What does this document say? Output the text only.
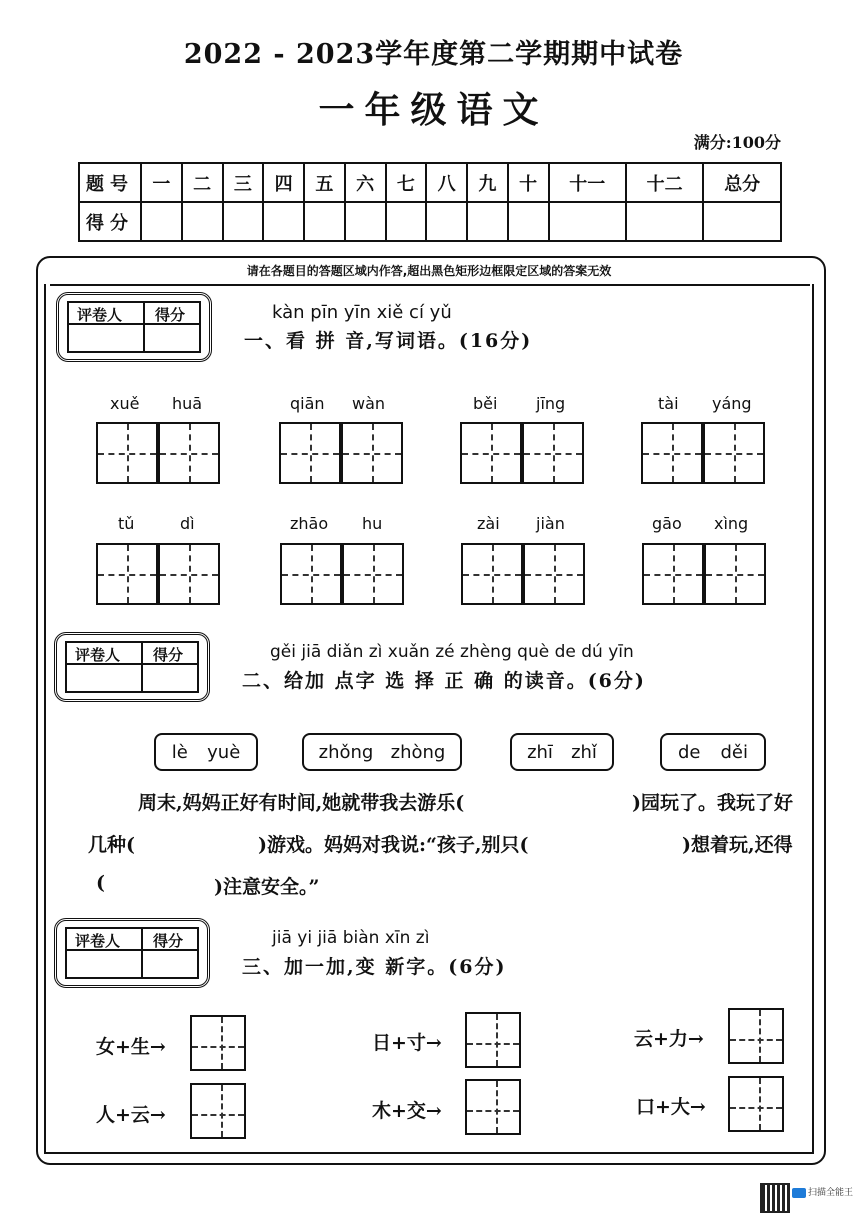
2022 - 2023学年度第二学期期中试卷
一年级语文
满分:100分
题号	一	二	三	四	五	六	七	八	九	十	十一	十二	总分
得分													
请在各题目的答题区域内作答,超出黑色矩形边框限定区域的答案无效
评卷人 得分	kàn pīn yīn xiě cí yǔ
一、看 拼 音,写词语。(16分)
xuě huā	qiān wàn	běi jīng	tài yáng
tǔ	dì	zhāo hu	zài jiàn	gāo xìng
评卷人 得分	gěi jiā diǎn zì xuǎn zé zhèng què de dú yīn
二、给加 点字 选 择 正 确 的读音。(6分)
lè yuè	zhǒng zhòng	zhī zhǐ	de děi
周末,妈妈正好有时间,她就带我去游乐(	)园玩了。我玩了好
几种(	)游戏。妈妈对我说:“孩子,别只(	)想着玩,还得
(	)注意安全。”
评卷人 得分	jiā yi jiā biàn xīn zì
三、加一加,变 新字。(6分)
女+生→	日+寸→	云+力→
人+云→	木+交→	口+大→
扫描全能王
